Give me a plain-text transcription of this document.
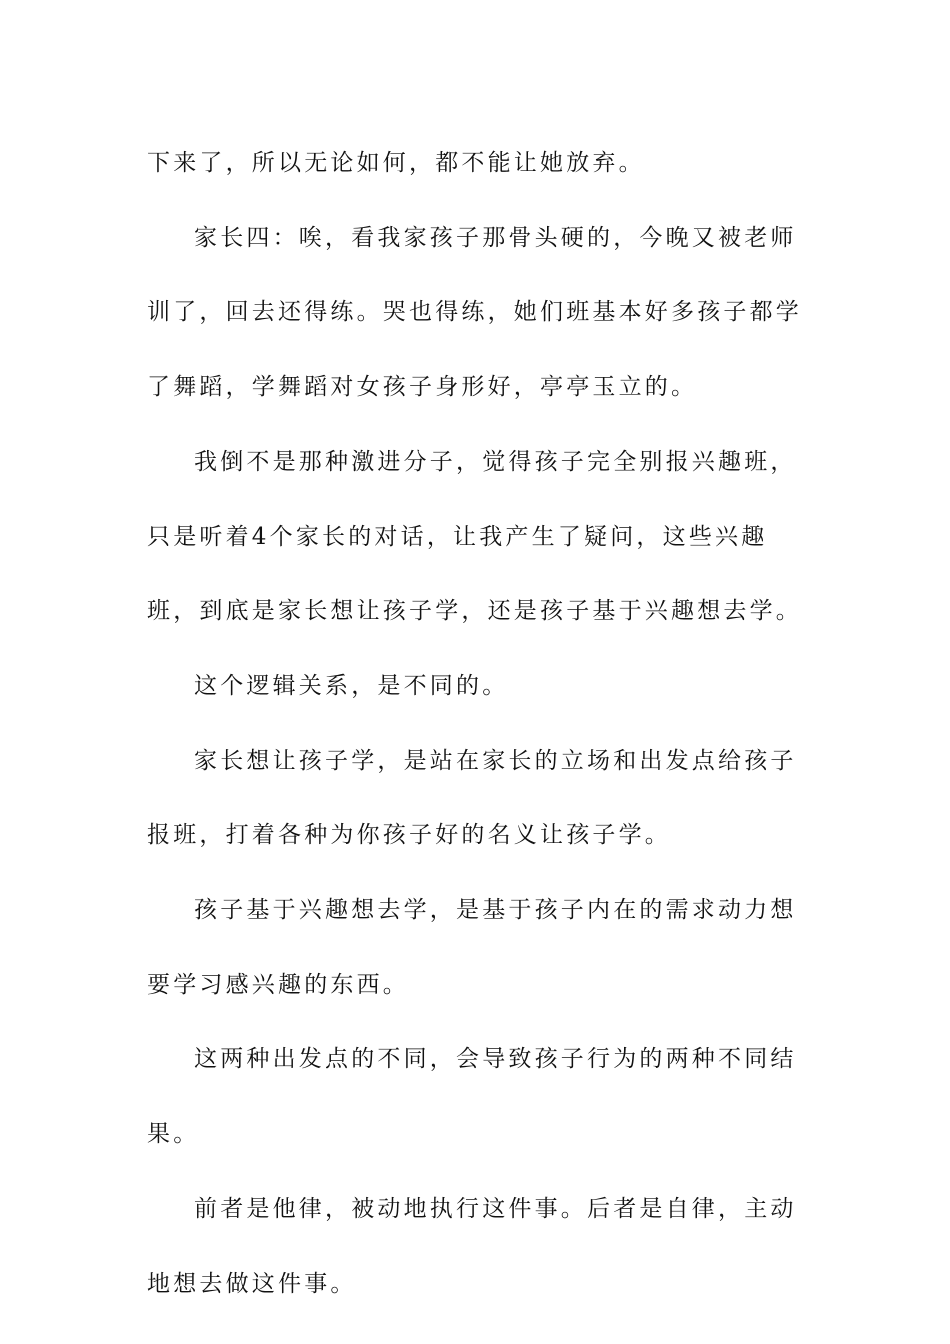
下来了，所以无论如何，都不能让她放弃。

家长四：唉，看我家孩子那骨头硬的，今晚又被老师训了，回去还得练。哭也得练，她们班基本好多孩子都学了舞蹈，学舞蹈对女孩子身形好，亭亭玉立的。

我倒不是那种激进分子，觉得孩子完全别报兴趣班，只是听着4个家长的对话，让我产生了疑问，这些兴趣班，到底是家长想让孩子学，还是孩子基于兴趣想去学。

这个逻辑关系，是不同的。

家长想让孩子学，是站在家长的立场和出发点给孩子报班，打着各种为你孩子好的名义让孩子学。

孩子基于兴趣想去学，是基于孩子内在的需求动力想要学习感兴趣的东西。

这两种出发点的不同，会导致孩子行为的两种不同结果。

前者是他律，被动地执行这件事。后者是自律，主动地想去做这件事。
